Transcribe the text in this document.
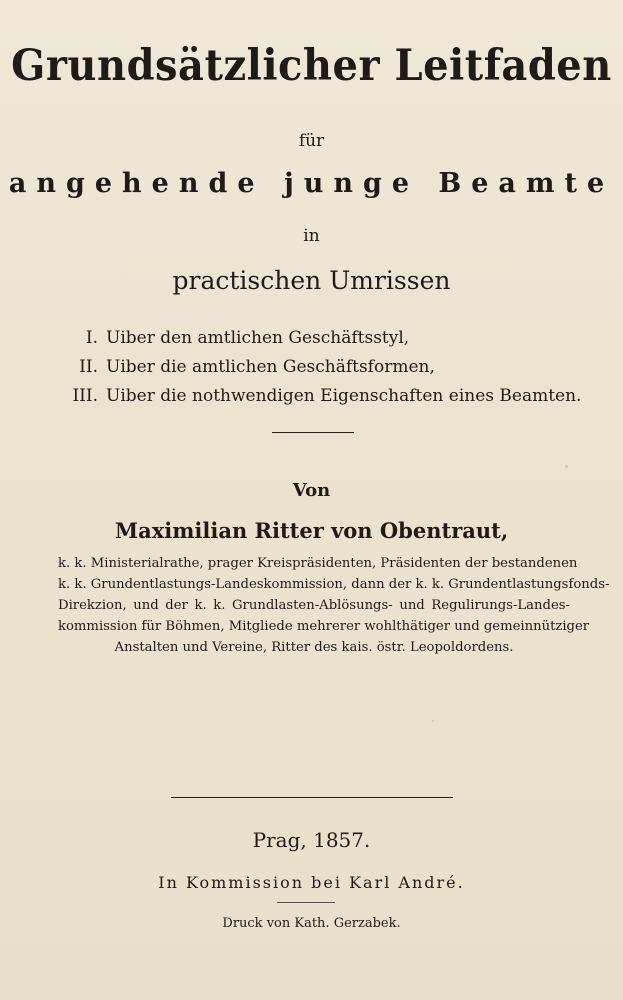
Grundsätzlicher Leitfaden
für
angehende junge Beamte
in
practischen Umrissen
I. Uiber den amtlichen Geschäftsstyl,
II. Uiber die amtlichen Geschäftsformen,
III. Uiber die nothwendigen Eigenschaften eines Beamten.
Von
Maximilian Ritter von Obentraut,
k. k. Ministerialrathe, prager Kreispräsidenten, Präsidenten der bestandenen
k. k. Grundentlastungs-Landeskommission, dann der k. k. Grundentlastungsfonds-
Direkzion, und der k. k. Grundlasten-Ablösungs- und Regulirungs-Landes-
kommission für Böhmen, Mitgliede mehrerer wohlthätiger und gemeinnütziger
Anstalten und Vereine, Ritter des kais. östr. Leopoldordens.
Prag, 1857.
In Kommission bei Karl André.
Druck von Kath. Gerzabek.
